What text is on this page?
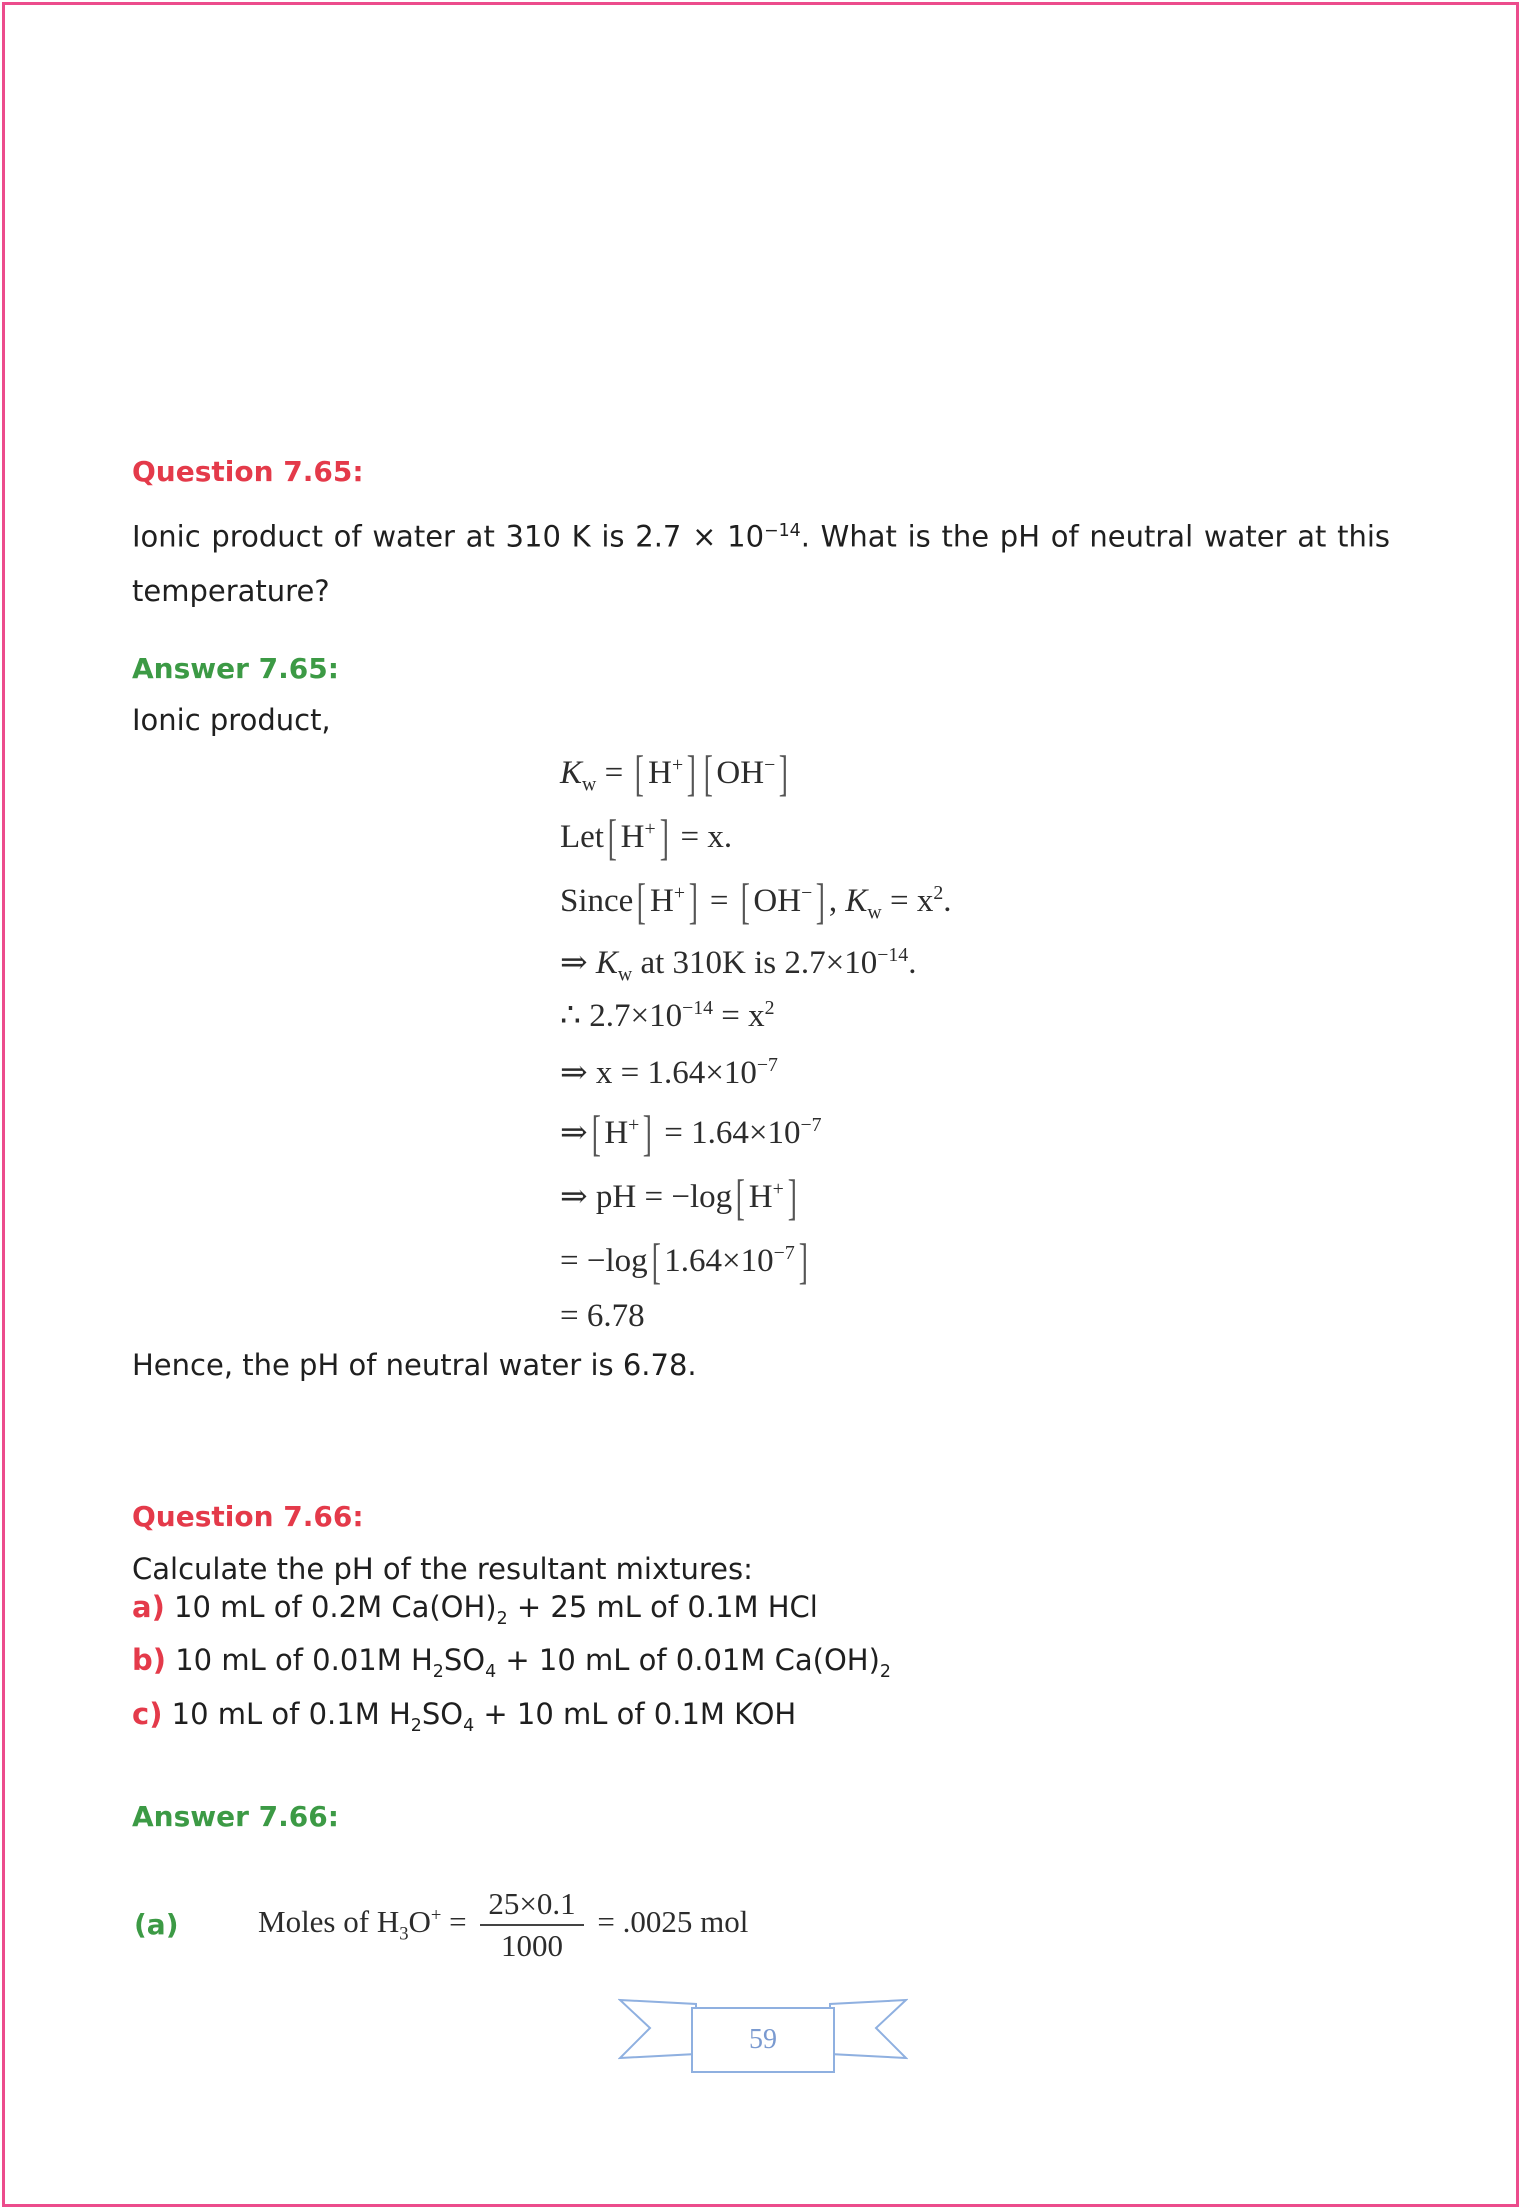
Question 7.65:
Ionic product of water at 310 K is $2.7 \times 10^{-14}$. What is the pH of neutral water at this temperature?
Answer 7.65:
Ionic product,
$K_w$ = [ H+] [ OH−]
Let[ H+] = x.
Since[ H+] = [ OH−] , $K_w = x^2$.
⇒ $K_w$ at 310K is $2.7\times 10^{-14}$.
∴ $2.7\times 10^{-14} = x^2$
⇒ $x = 1.64\times 10^{-7}$
⇒[ $H^+] = 1.64\times 10^{-7}$
⇒ pH = −log[ H+]
= −log[ $1.64\times 10^{-7}$]
= 6.78
Hence, the pH of neutral water is 6.78.
Question 7.66:
Calculate the pH of the resultant mixtures:
a) 10 mL of 0.2M $Ca(OH)_2 + 25$ mL of 0.1M HCl
b) 10 mL of 0.01M $H_2SO_4 + 10$ mL of 0.01M $Ca(OH)_2$
c) 10 mL of 0.1M $H_2SO_4 + 10$ mL of 0.1M KOH
Answer 7.66:
(a)	Moles of $H_3O^+ = \frac{25\times 0.1}{1000} = .0025$ mol
59
